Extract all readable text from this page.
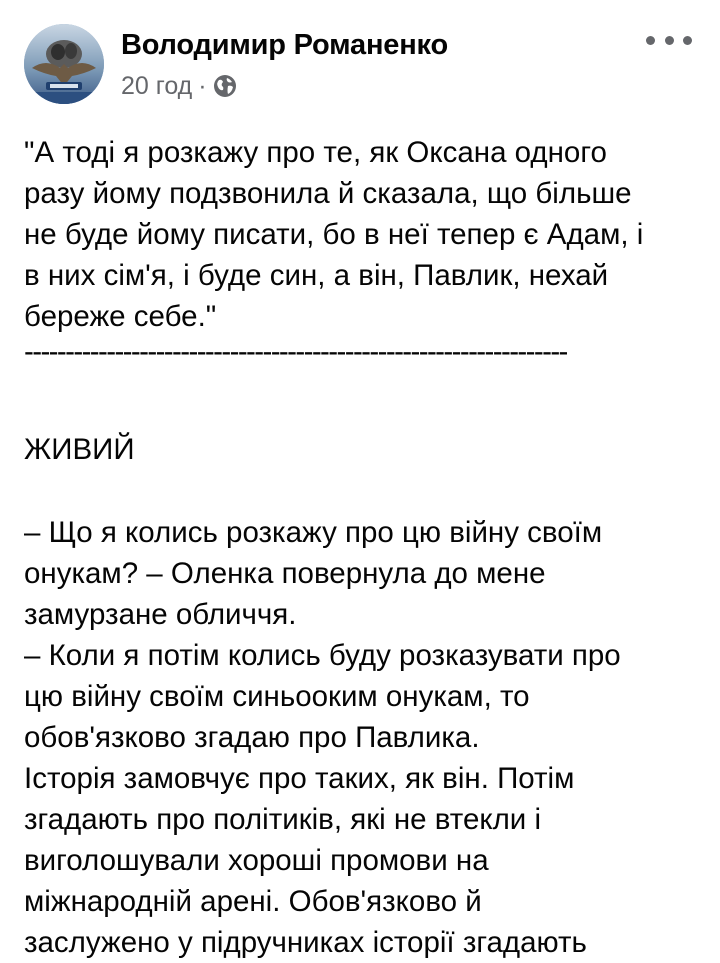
Володимир Романенко
20 год ·

"А тоді я розкажу про те, як Оксана одного

разу йому подзвонила й сказала, що більше

не буде йому писати, бо в неї тепер є Адам, і

в них сім'я, і буде син, а він, Павлик, нехай

береже себе."

------------------------------------------------------------------

ЖИВИЙ

– Що я колись розкажу про цю війну своїм

онукам? – Оленка повернула до мене

замурзане обличчя.

– Коли я потім колись буду розказувати про

цю війну своїм синьооким онукам, то

обов'язково згадаю про Павлика.

Історія замовчує про таких, як він. Потім

згадають про політиків, які не втекли і

виголошували хороші промови на

міжнародній арені. Обов'язково й

заслужено у підручниках історії згадають
